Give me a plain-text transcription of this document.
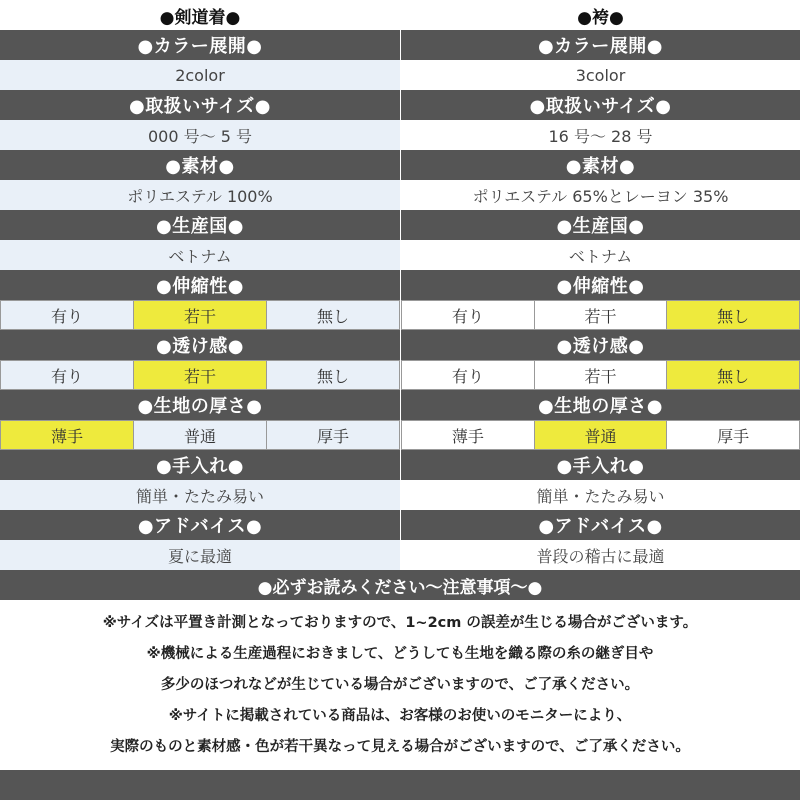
●剣道着●
●カラー展開●
2color
●取扱いサイズ●
000 号～ 5 号
●素材●
ポリエステル 100%
●生産国●
ベトナム
●伸縮性●
有り	若干	無し
●透け感●
有り	若干	無し
●生地の厚さ●
薄手	普通	厚手
●手入れ●
簡単・たたみ易い
●アドバイス●
夏に最適
●袴●
●カラー展開●
3color
●取扱いサイズ●
16 号～ 28 号
●素材●
ポリエステル 65%とレーヨン 35%
●生産国●
ベトナム
●伸縮性●
有り	若干	無し
●透け感●
有り	若干	無し
●生地の厚さ●
薄手	普通	厚手
●手入れ●
簡単・たたみ易い
●アドバイス●
普段の稽古に最適
●必ずお読みください～注意事項～●
※サイズは平置き計測となっておりますので、1~2cm の誤差が生じる場合がございます。
※機械による生産過程におきまして、どうしても生地を織る際の糸の継ぎ目や
多少のほつれなどが生じている場合がございますので、ご了承ください。
※サイトに掲載されている商品は、お客様のお使いのモニターにより、
実際のものと素材感・色が若干異なって見える場合がございますので、ご了承ください。
